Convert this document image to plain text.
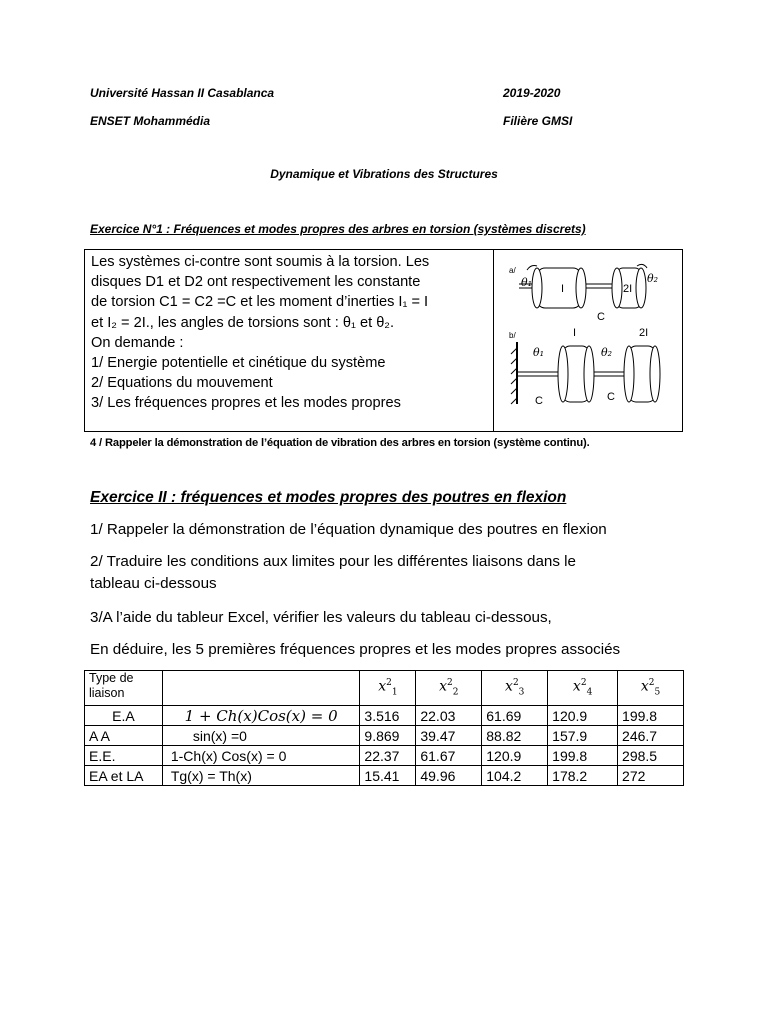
Université Hassan II Casablanca	2019-2020
ENSET Mohammédia	Filière GMSI
Dynamique et Vibrations des Structures
Exercice N°1 : Fréquences et modes propres des arbres en torsion (systèmes discrets)
Les systèmes ci-contre sont soumis à la torsion. Les
disques D1 et D2 ont respectivement les constante
de torsion C1 = C2 =C et les moment d’inerties I₁ = I
et I₂ = 2I., les angles de torsions sont : θ₁ et θ₂.
On demande :
1/ Energie potentielle et cinétique du système
2/ Equations du mouvement
3/ Les fréquences propres et les modes propres
a/
θ₁	θ₂
I	2I
C
b/	I	2I
θ₁	θ₂
C	C
4 / Rappeler la démonstration de l’équation de vibration des arbres en torsion (système continu).
Exercice II : fréquences et modes propres des poutres en flexion
1/ Rappeler la démonstration de l’équation dynamique des poutres en flexion
2/ Traduire les conditions aux limites pour les différentes liaisons dans le
tableau ci-dessous
3/A l’aide du tableur Excel, vérifier les valeurs du tableau ci-dessous,
En déduire, les 5 premières fréquences propres et les modes propres associés
Type de
liaison		$x^2_1$	$x^2_2$	$x^2_3$	$x^2_4$	$x^2_5$
E.A	1 + Ch(x)Cos(x) = 0	3.516	22.03	61.69	120.9	199.8
A A	sin(x) =0	9.869	39.47	88.82	157.9	246.7
E.E.	1-Ch(x) Cos(x) = 0	22.37	61.67	120.9	199.8	298.5
EA et LA	Tg(x) = Th(x)	15.41	49.96	104.2	178.2	272
